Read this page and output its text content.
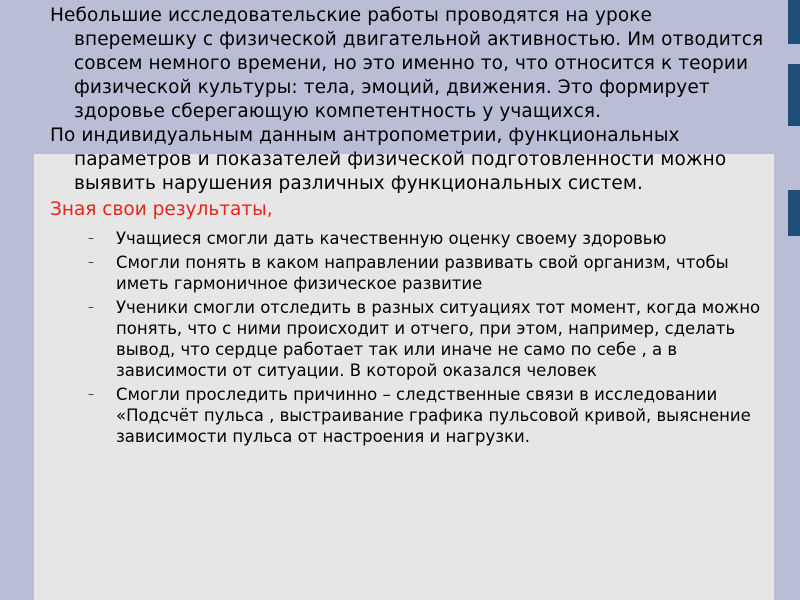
Небольшие исследовательские работы проводятся на уроке вперемешку с физической двигательной активностью. Им отводится совсем немного времени, но это именно то, что относится к теории физической культуры: тела, эмоций, движения. Это формирует здоровье сберегающую компетентность у учащихся.

По индивидуальным данным антропометрии, функциональных параметров и показателей физической подготовленности можно выявить нарушения различных функциональных систем.

Зная свои результаты,

– Учащиеся смогли дать качественную оценку своему здоровью
– Смогли понять в каком направлении развивать свой организм, чтобы иметь гармоничное физическое развитие
– Ученики смогли отследить в разных ситуациях тот момент, когда можно понять, что с ними происходит и отчего, при этом, например, сделать вывод, что сердце работает так или иначе не само по себе , а в зависимости от ситуации. В которой оказался человек
– Смогли проследить причинно – следственные связи в исследовании «Подсчёт пульса , выстраивание графика пульсовой кривой, выяснение зависимости пульса от настроения и нагрузки.
